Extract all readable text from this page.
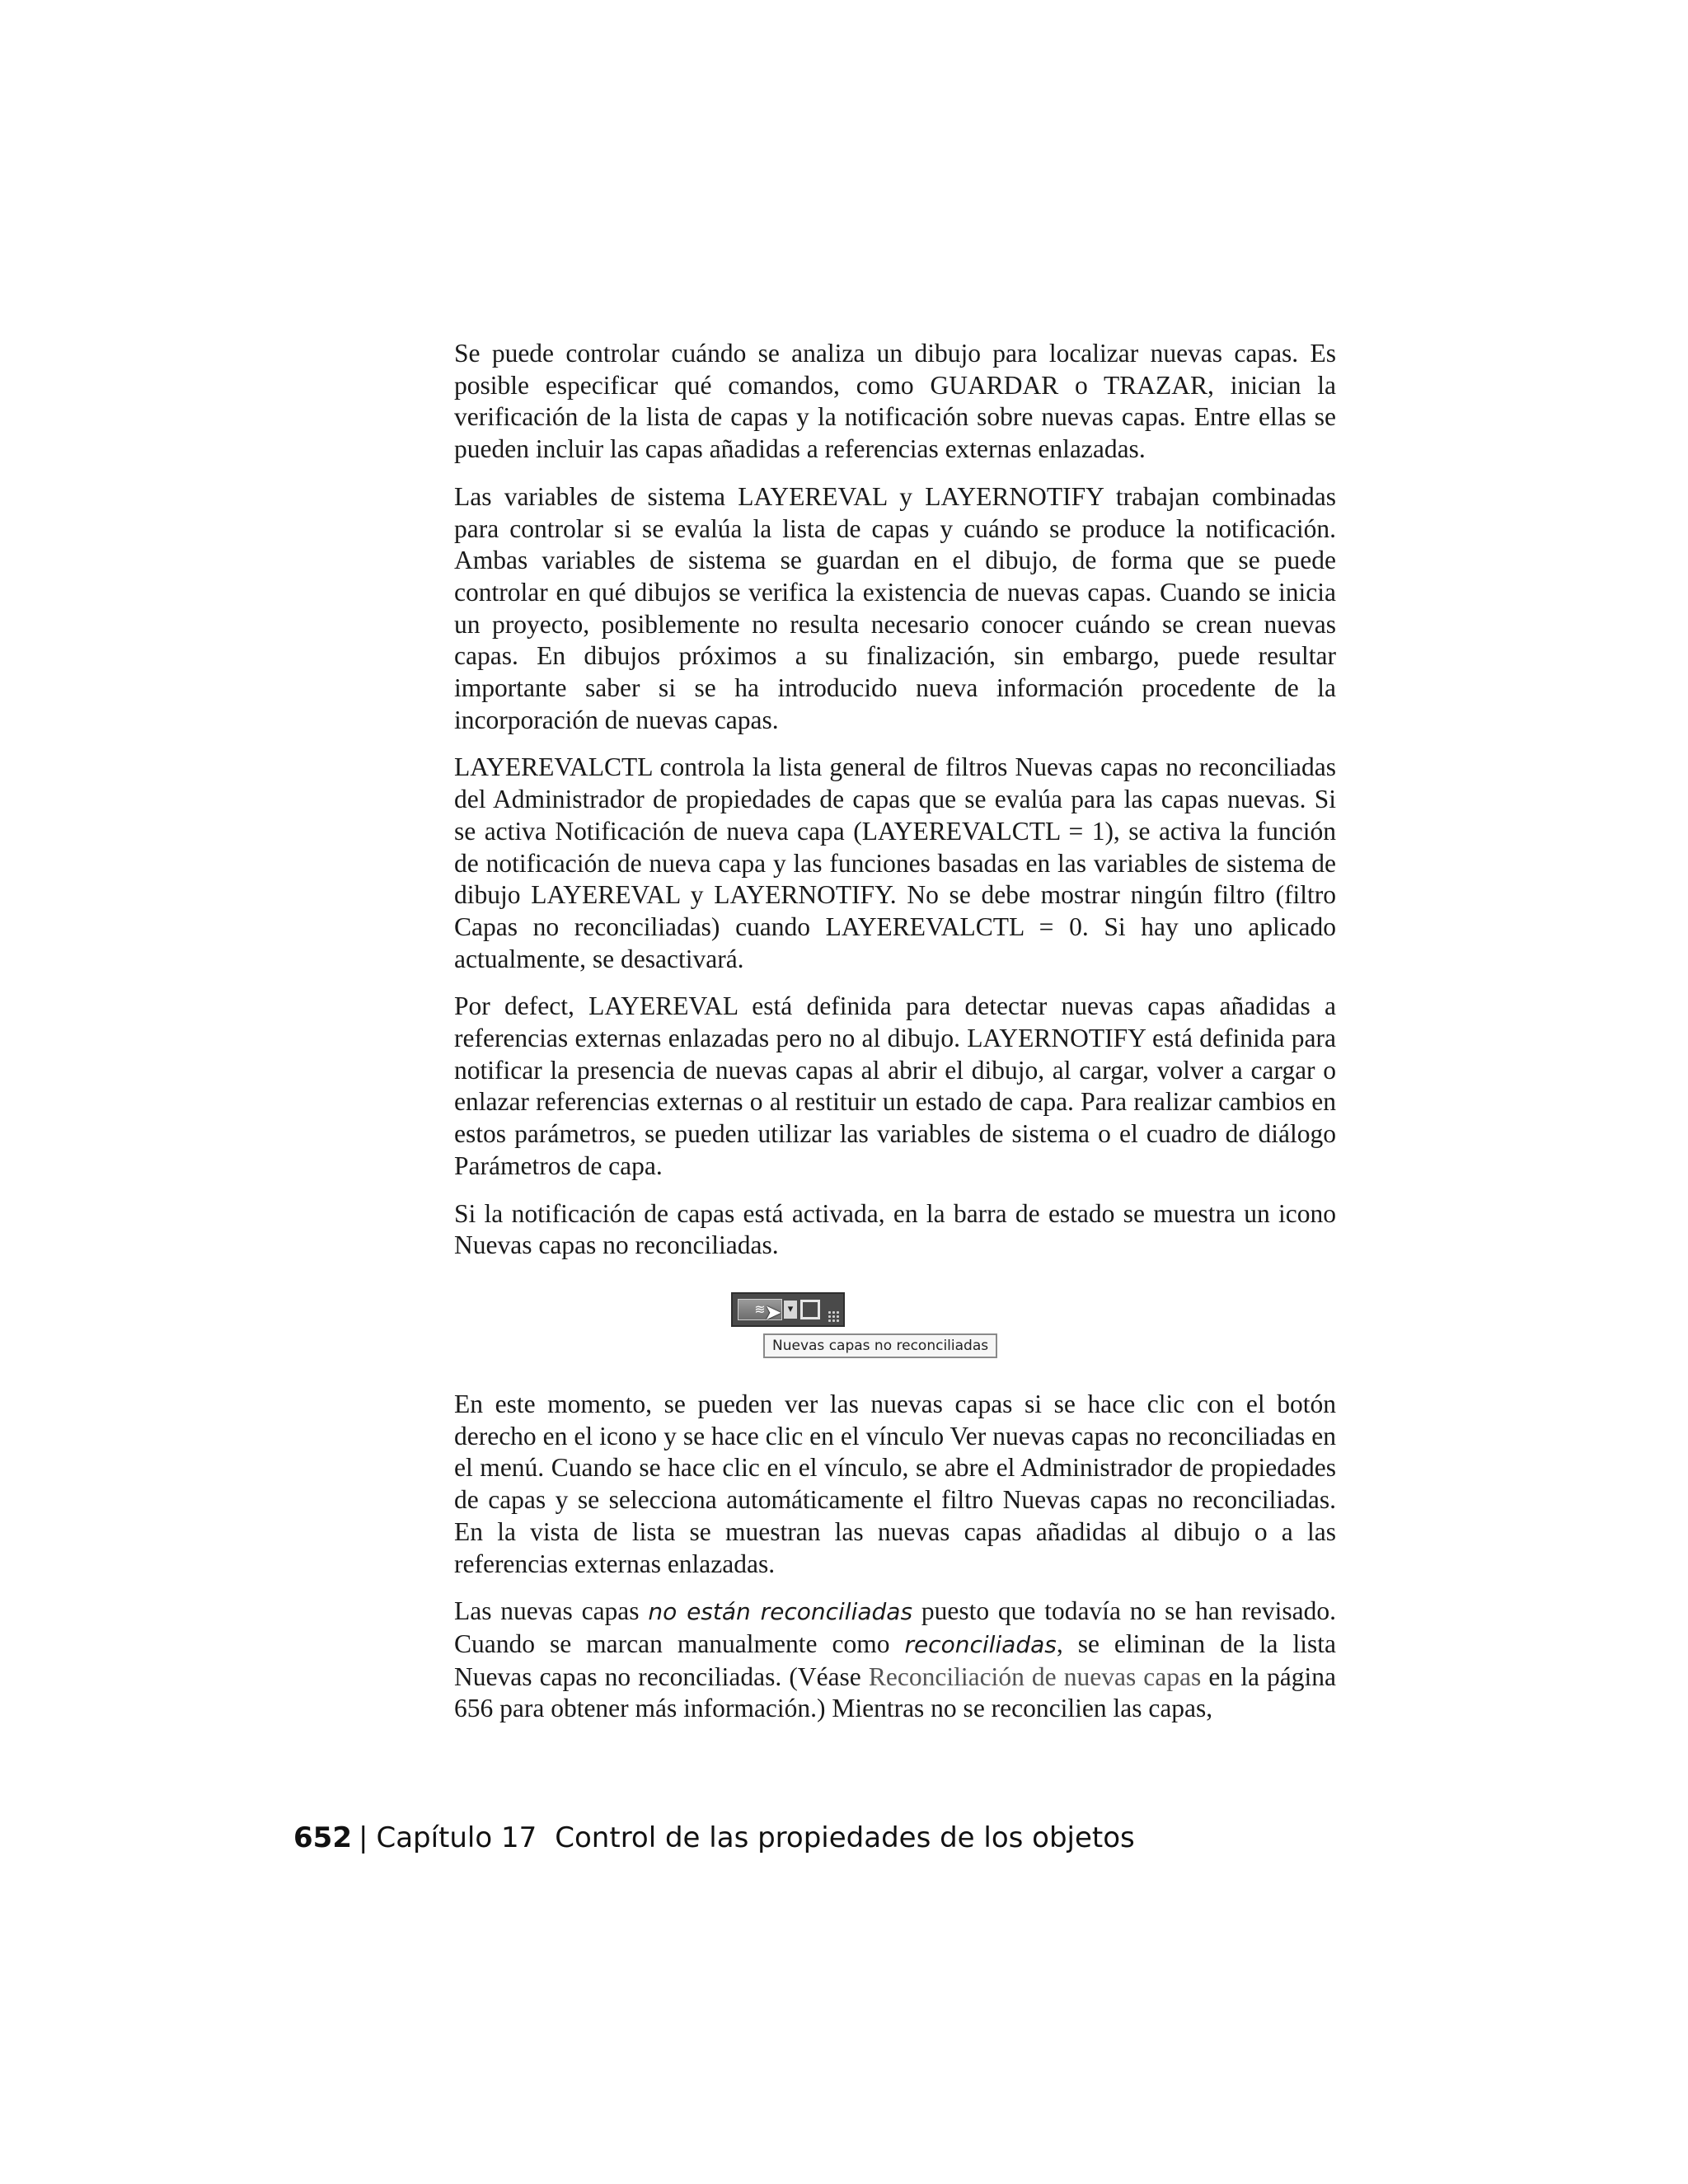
Se puede controlar cuándo se analiza un dibujo para localizar nuevas capas. Es posible especificar qué comandos, como GUARDAR o TRAZAR, inician la verificación de la lista de capas y la notificación sobre nuevas capas. Entre ellas se pueden incluir las capas añadidas a referencias externas enlazadas.

Las variables de sistema LAYEREVAL y LAYERNOTIFY trabajan combinadas para controlar si se evalúa la lista de capas y cuándo se produce la notificación. Ambas variables de sistema se guardan en el dibujo, de forma que se puede controlar en qué dibujos se verifica la existencia de nuevas capas. Cuando se inicia un proyecto, posiblemente no resulta necesario conocer cuándo se crean nuevas capas. En dibujos próximos a su finalización, sin embargo, puede resultar importante saber si se ha introducido nueva información procedente de la incorporación de nuevas capas.

LAYEREVALCTL controla la lista general de filtros Nuevas capas no reconciliadas del Administrador de propiedades de capas que se evalúa para las capas nuevas. Si se activa Notificación de nueva capa (LAYEREVALCTL = 1), se activa la función de notificación de nueva capa y las funciones basadas en las variables de sistema de dibujo LAYEREVAL y LAYERNOTIFY. No se debe mostrar ningún filtro (filtro Capas no reconciliadas) cuando LAYEREVALCTL = 0. Si hay uno aplicado actualmente, se desactivará.

Por defect, LAYEREVAL está definida para detectar nuevas capas añadidas a referencias externas enlazadas pero no al dibujo. LAYERNOTIFY está definida para notificar la presencia de nuevas capas al abrir el dibujo, al cargar, volver a cargar o enlazar referencias externas o al restituir un estado de capa. Para realizar cambios en estos parámetros, se pueden utilizar las variables de sistema o el cuadro de diálogo Parámetros de capa.

Si la notificación de capas está activada, en la barra de estado se muestra un icono Nuevas capas no reconciliadas.

≋	▾
➤
Nuevas capas no reconciliadas

En este momento, se pueden ver las nuevas capas si se hace clic con el botón derecho en el icono y se hace clic en el vínculo Ver nuevas capas no reconciliadas en el menú. Cuando se hace clic en el vínculo, se abre el Administrador de propiedades de capas y se selecciona automáticamente el filtro Nuevas capas no reconciliadas. En la vista de lista se muestran las nuevas capas añadidas al dibujo o a las referencias externas enlazadas.

Las nuevas capas no están reconciliadas puesto que todavía no se han revisado. Cuando se marcan manualmente como reconciliadas, se eliminan de la lista Nuevas capas no reconciliadas. (Véase Reconciliación de nuevas capas en la página 656 para obtener más información.) Mientras no se reconcilien las capas,

652 | Capítulo 17 Control de las propiedades de los objetos
